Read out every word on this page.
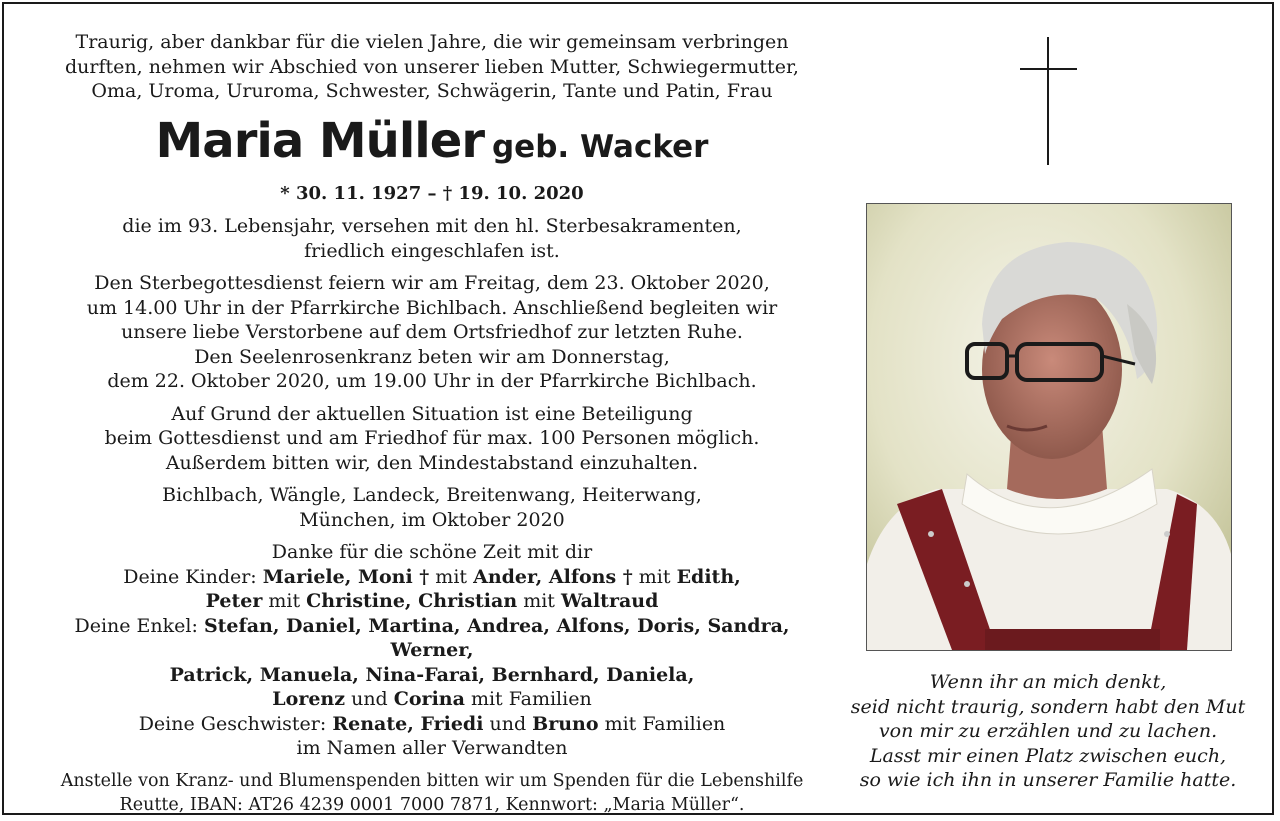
Traurig, aber dankbar für die vielen Jahre, die wir gemeinsam verbringen

durften, nehmen wir Abschied von unserer lieben Mutter, Schwiegermutter,

Oma, Uroma, Ururoma, Schwester, Schwägerin, Tante und Patin, Frau

Maria Müller geb. Wacker

* 30. 11. 1927 – † 19. 10. 2020

die im 93. Lebensjahr, versehen mit den hl. Sterbesakramenten,

friedlich eingeschlafen ist.

Den Sterbegottesdienst feiern wir am Freitag, dem 23. Oktober 2020,

um 14.00 Uhr in der Pfarrkirche Bichlbach. Anschließend begleiten wir

unsere liebe Verstorbene auf dem Ortsfriedhof zur letzten Ruhe.

Den Seelenrosenkranz beten wir am Donnerstag,

dem 22. Oktober 2020, um 19.00 Uhr in der Pfarrkirche Bichlbach.

Auf Grund der aktuellen Situation ist eine Beteiligung

beim Gottesdienst und am Friedhof für max. 100 Personen möglich.

Außerdem bitten wir, den Mindestabstand einzuhalten.

Bichlbach, Wängle, Landeck, Breitenwang, Heiterwang,

München, im Oktober 2020

Danke für die schöne Zeit mit dir

Deine Kinder: Mariele, Moni † mit Ander, Alfons † mit Edith,

Peter mit Christine, Christian mit Waltraud

Deine Enkel: Stefan, Daniel, Martina, Andrea, Alfons, Doris, Sandra, Werner,

Patrick, Manuela, Nina-Farai, Bernhard, Daniela,

Lorenz und Corina mit Familien

Deine Geschwister: Renate, Friedi und Bruno mit Familien

im Namen aller Verwandten

Anstelle von Kranz- und Blumenspenden bitten wir um Spenden für die Lebenshilfe

Reutte, IBAN: AT26 4239 0001 7000 7871, Kennwort: „Maria Müller“.

Wenn ihr an mich denkt,

seid nicht traurig, sondern habt den Mut

von mir zu erzählen und zu lachen.

Lasst mir einen Platz zwischen euch,

so wie ich ihn in unserer Familie hatte.
